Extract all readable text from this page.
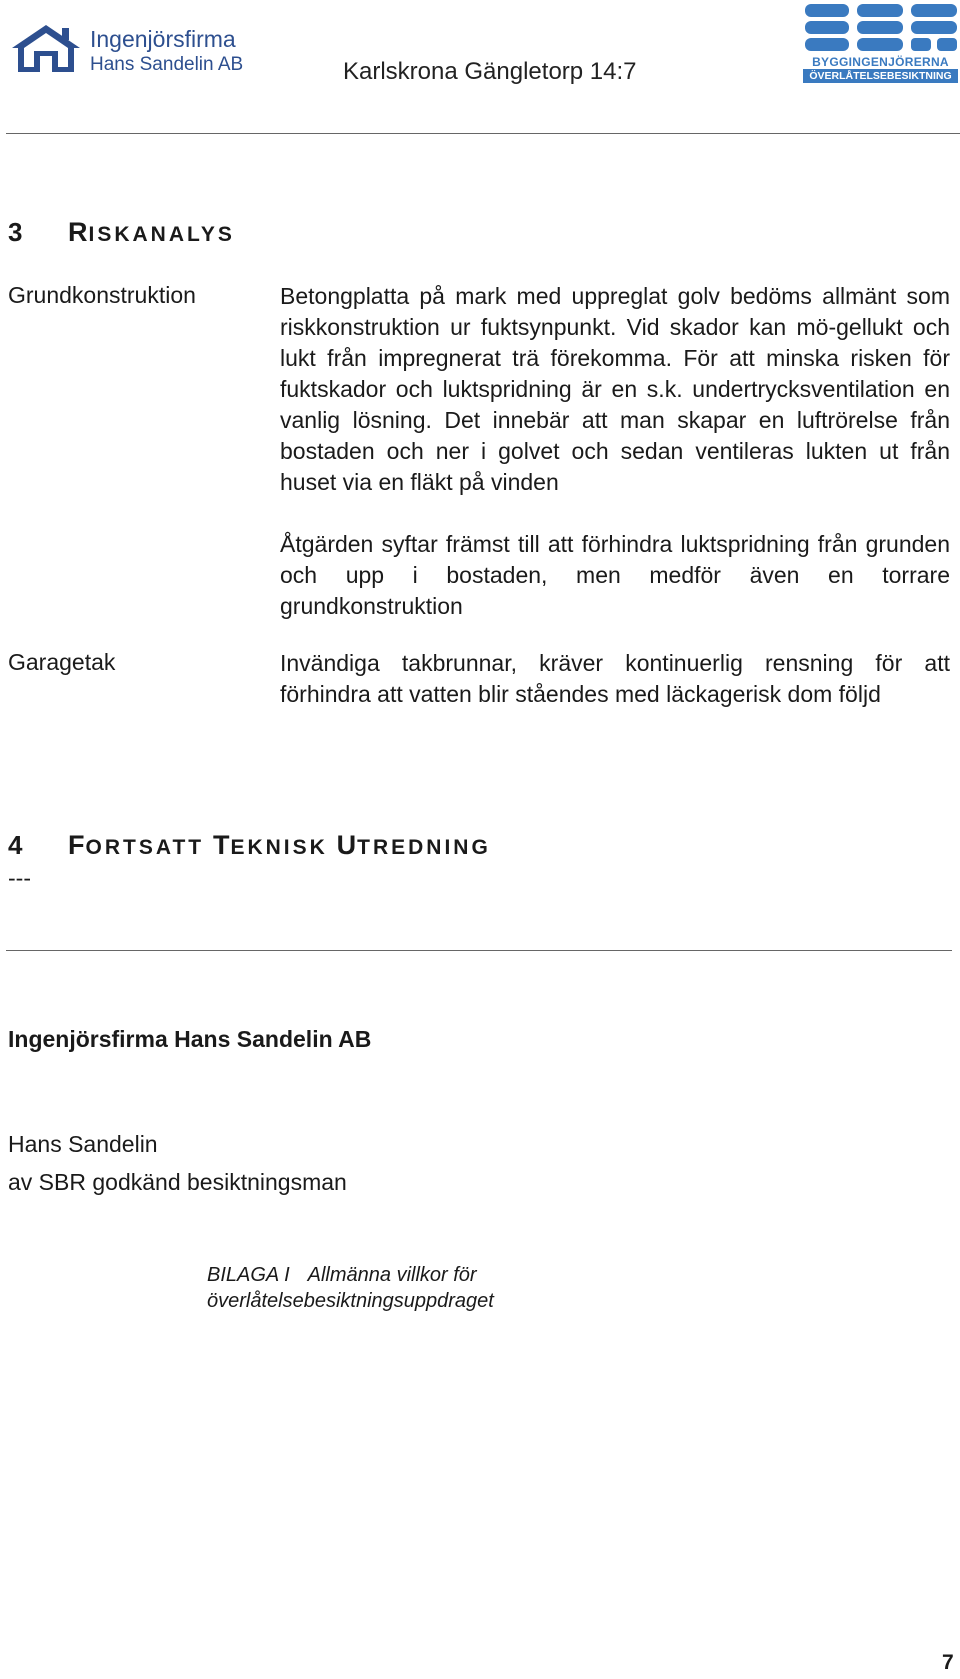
Ingenjörsfirma
Hans Sandelin AB	Karlskrona Gängletorp 14:7	BYGGINGENJÖRERNA
ÖVERLÅTELSEBESIKTNING
3 RISKANALYS
Grundkonstruktion	Betongplatta på mark med uppreglat golv bedöms allmänt som riskkonstruktion ur fuktsynpunkt. Vid skador kan mö-gellukt och lukt från impregnerat trä förekomma. För att minska risken för fuktskador och luktspridning är en s.k. undertrycksventilation en vanlig lösning. Det innebär att man skapar en luftrörelse från bostaden och ner i golvet och sedan ventileras lukten ut från huset via en fläkt på vinden
Åtgärden syftar främst till att förhindra luktspridning från grunden och upp i bostaden, men medför även en torrare grundkonstruktion
Garagetak	Invändiga takbrunnar, kräver kontinuerlig rensning för att förhindra att vatten blir ståendes med läckagerisk dom följd
4 FORTSATT TEKNISK UTREDNING
---
Ingenjörsfirma Hans Sandelin AB
Hans Sandelin
av SBR godkänd besiktningsman
BILAGA I Allmänna villkor för
överlåtelsebesiktningsuppdraget
7
